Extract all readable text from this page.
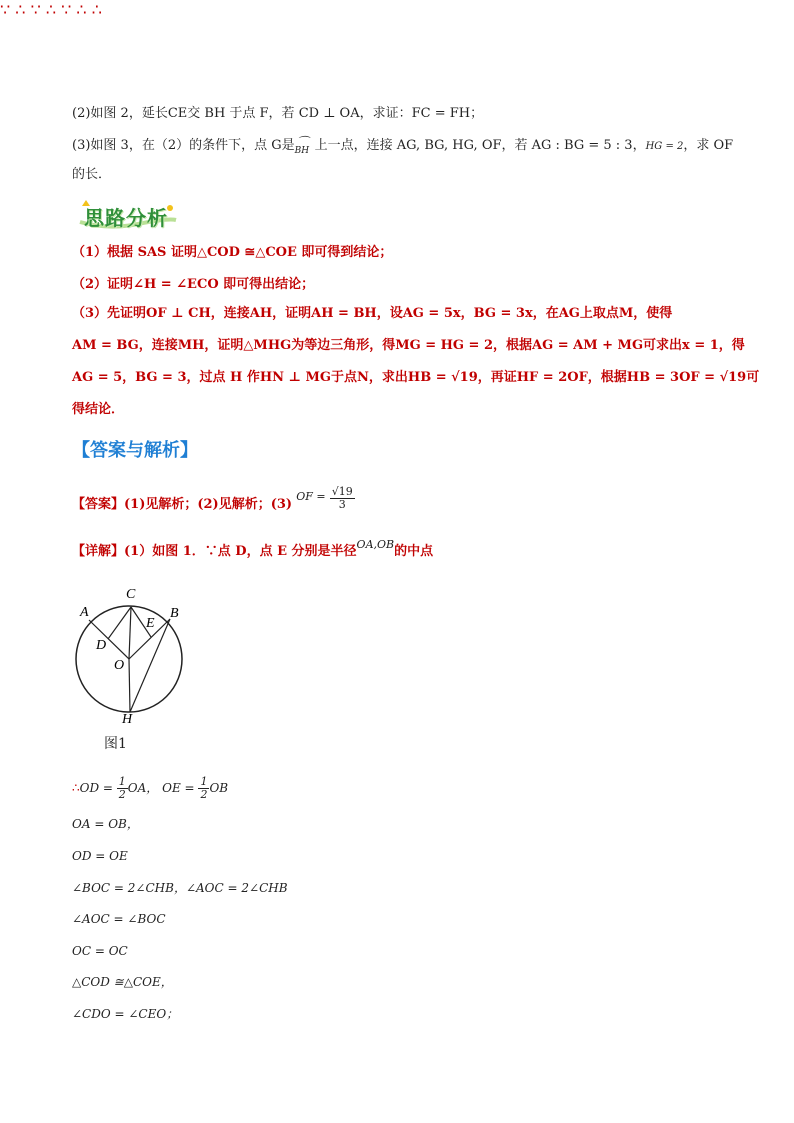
(2)如图 2，延长CE交 BH 于点 F，若 CD ⊥ OA，求证：FC = FH；
(3)如图 3，在（2）的条件下，点 G是 ⌒
BH 上一点，连接 AG, BG, HG, OF，若 AG : BG = 5 : 3，HG = 2，求 OF
的长．
思路分析
（1）根据 SAS 证明△COD ≅△COE 即可得到结论；
（2）证明∠H = ∠ECO 即可得出结论；
（3）先证明OF ⊥ CH，连接AH，证明AH = BH，设AG = 5x，BG = 3x，在AG上取点M，使得
AM = BG，连接MH，证明△MHG为等边三角形，得MG = HG = 2，根据AG = AM + MG可求出x = 1，得
AG = 5，BG = 3，过点 H 作HN ⊥ MG于点N，求出HB = √19，再证HF = 2OF，根据HB = 3OF = √19可
得结论．
【答案与解析】
【答案】(1)见解析；(2)见解析；(3) OF = $\frac{√19}{3}$
【详解】(1）如图 1．∵点 D，点 E 分别是半径$^{OA,OB}$的中点
C
A	B
D
E
O
H
图1
∴OD = $\frac{1}{2}$ OA， OE = $\frac{1}{2}$ OB
∵
OA = OB，
∴
OD = OE
∵
∠BOC = 2∠CHB，∠AOC = 2∠CHB
∴
∠AOC = ∠BOC
∵
OC = OC
∴
△COD ≅△COE，
∴
∠CDO = ∠CEO；
